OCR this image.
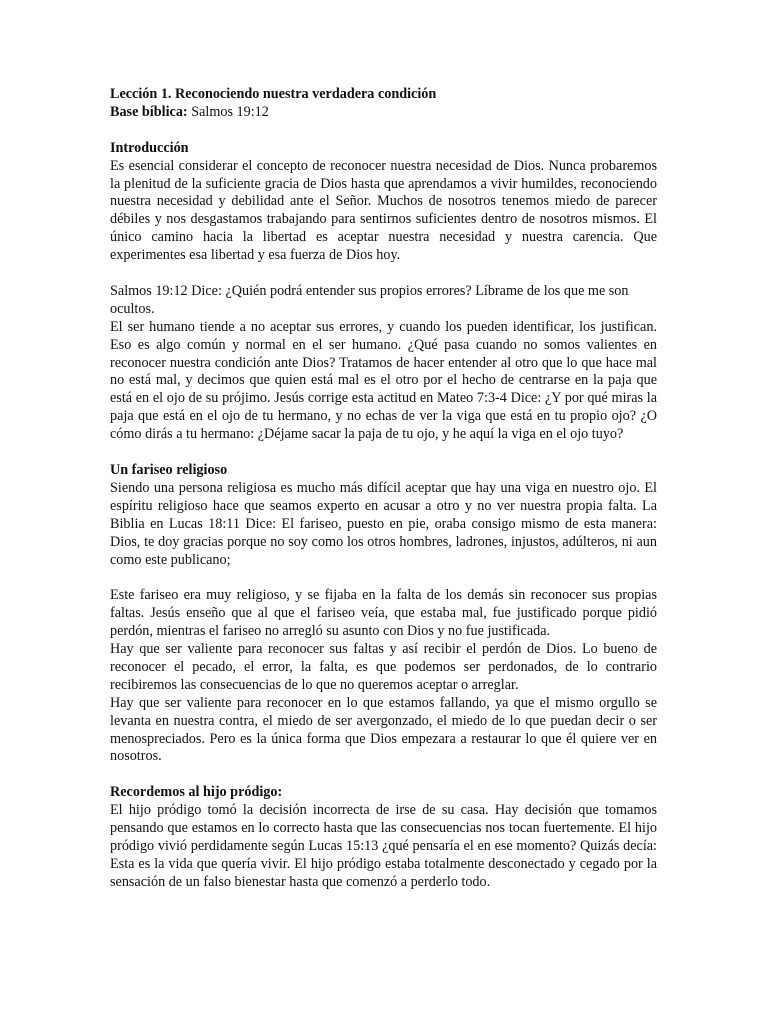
Lección 1. Reconociendo nuestra verdadera condición

Base bíblica: Salmos 19:12

Introducción

Es esencial considerar el concepto de reconocer nuestra necesidad de Dios. Nunca probaremos la plenitud de la suficiente gracia de Dios hasta que aprendamos a vivir humildes, reconociendo nuestra necesidad y debilidad ante el Señor. Muchos de nosotros tenemos miedo de parecer débiles y nos desgastamos trabajando para sentirnos suficientes dentro de nosotros mismos. El único camino hacia la libertad es aceptar nuestra necesidad y nuestra carencia. Que experimentes esa libertad y esa fuerza de Dios hoy.

Salmos 19:12 Dice: ¿Quién podrá entender sus propios errores? Líbrame de los que me son ocultos.

El ser humano tiende a no aceptar sus errores, y cuando los pueden identificar, los justifican. Eso es algo común y normal en el ser humano. ¿Qué pasa cuando no somos valientes en reconocer nuestra condición ante Dios? Tratamos de hacer entender al otro que lo que hace mal no está mal, y decimos que quien está mal es el otro por el hecho de centrarse en la paja que está en el ojo de su prójimo. Jesús corrige esta actitud en Mateo 7:3-4 Dice: ¿Y por qué miras la paja que está en el ojo de tu hermano, y no echas de ver la viga que está en tu propio ojo? ¿O cómo dirás a tu hermano: ¿Déjame sacar la paja de tu ojo, y he aquí la viga en el ojo tuyo?

Un fariseo religioso

Siendo una persona religiosa es mucho más difícil aceptar que hay una viga en nuestro ojo. El espíritu religioso hace que seamos experto en acusar a otro y no ver nuestra propia falta. La Biblia en Lucas 18:11 Dice: El fariseo, puesto en pie, oraba consigo mismo de esta manera: Dios, te doy gracias porque no soy como los otros hombres, ladrones, injustos, adúlteros, ni aun como este publicano;

Este fariseo era muy religioso, y se fijaba en la falta de los demás sin reconocer sus propias faltas. Jesús enseño que al que el fariseo veía, que estaba mal, fue justificado porque pidió perdón, mientras el fariseo no arregló su asunto con Dios y no fue justificada.

Hay que ser valiente para reconocer sus faltas y así recibir el perdón de Dios. Lo bueno de reconocer el pecado, el error, la falta, es que podemos ser perdonados, de lo contrario recibiremos las consecuencias de lo que no queremos aceptar o arreglar.

Hay que ser valiente para reconocer en lo que estamos fallando, ya que el mismo orgullo se levanta en nuestra contra, el miedo de ser avergonzado, el miedo de lo que puedan decir o ser menospreciados. Pero es la única forma que Dios empezara a restaurar lo que él quiere ver en nosotros.

Recordemos al hijo pródigo:

El hijo pródigo tomó la decisión incorrecta de irse de su casa. Hay decisión que tomamos pensando que estamos en lo correcto hasta que las consecuencias nos tocan fuertemente. El hijo pródigo vivió perdidamente según Lucas 15:13 ¿qué pensaría el en ese momento? Quizás decía: Esta es la vida que quería vivir. El hijo pródigo estaba totalmente desconectado y cegado por la sensación de un falso bienestar hasta que comenzó a perderlo todo.
